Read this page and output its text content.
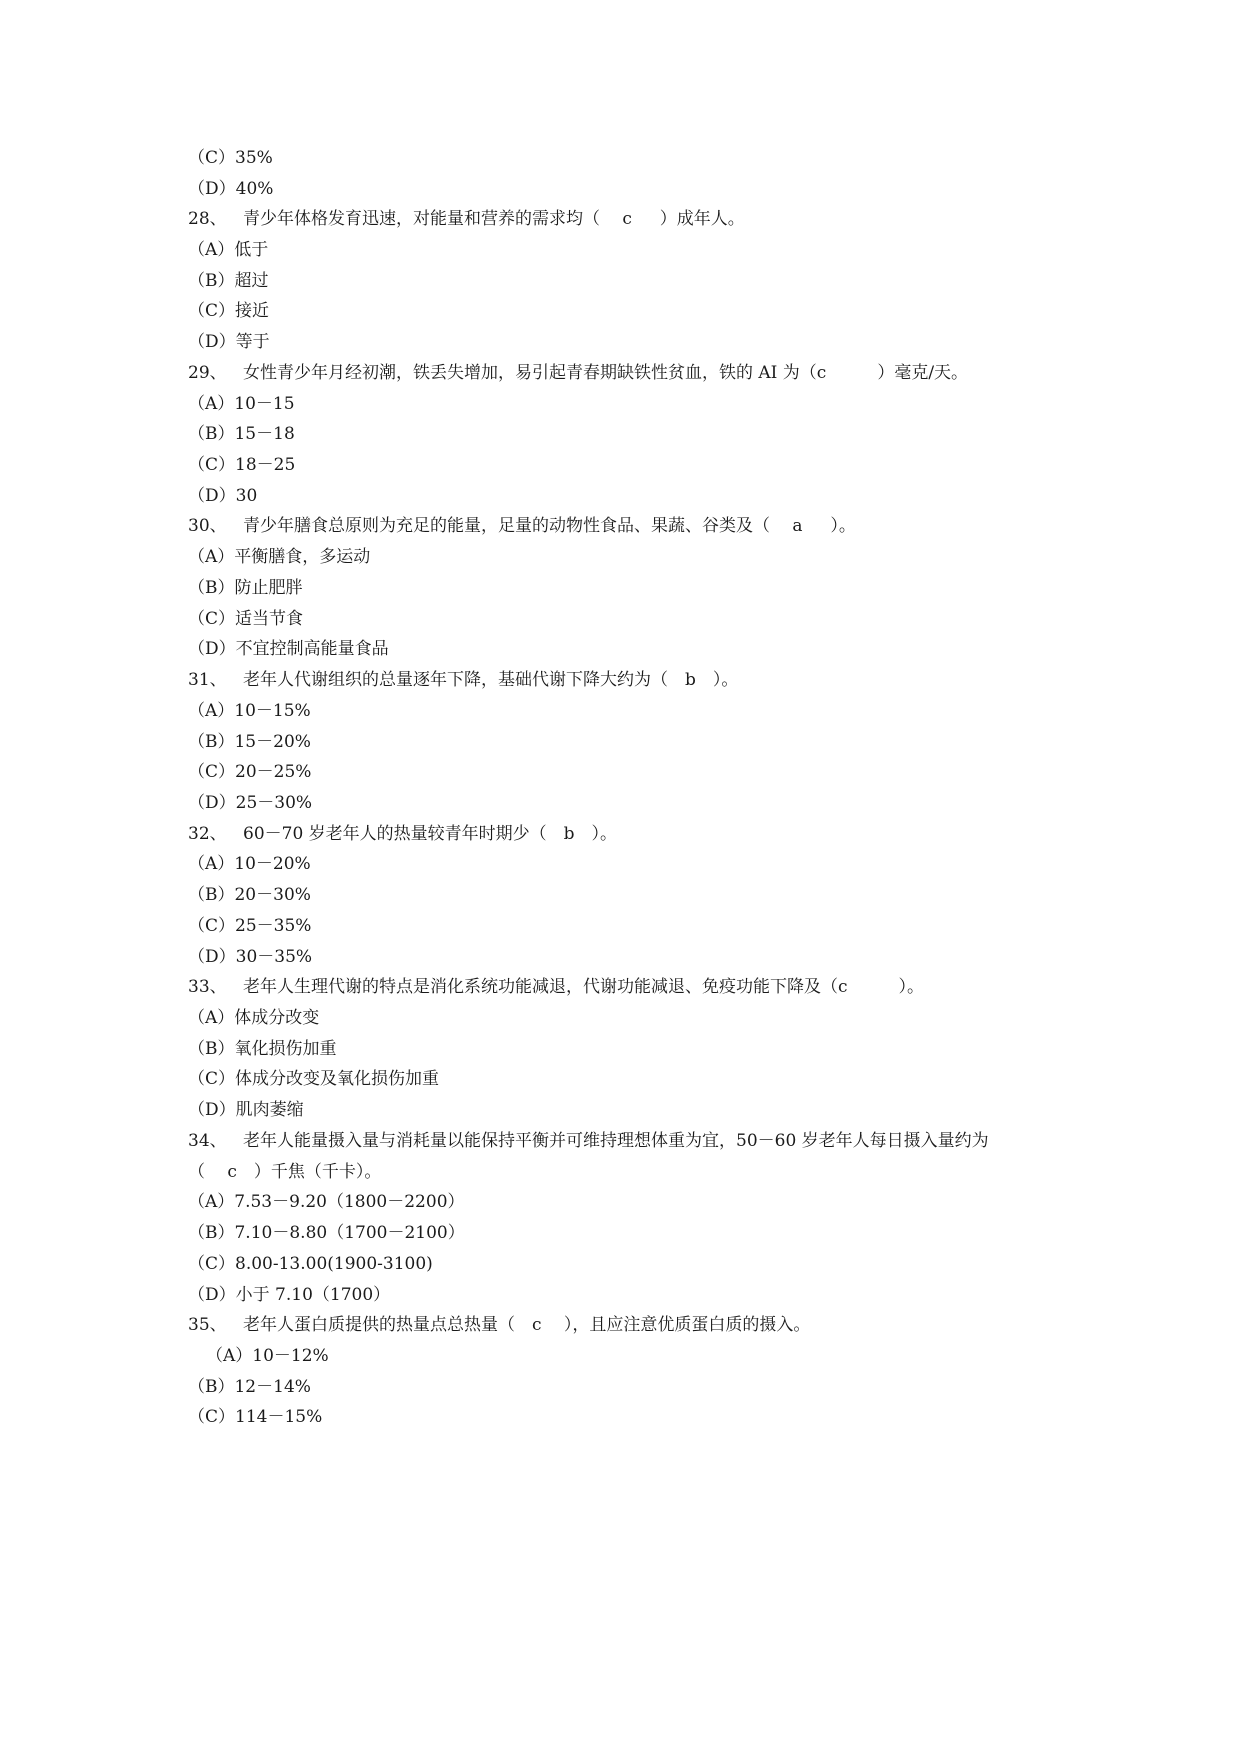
（C）35%
（D）40%
28、 青少年体格发育迅速，对能量和营养的需求均（　 c 　 ）成年人。
（A）低于
（B）超过
（C）接近
（D）等于
29、 女性青少年月经初潮，铁丢失增加，易引起青春期缺铁性贫血，铁的 AI 为（c　　　）毫克/天。
（A）10－15
（B）15－18
（C）18－25
（D）30
30、 青少年膳食总原则为充足的能量，足量的动物性食品、果蔬、谷类及（　 a 　 ）。
（A）平衡膳食，多运动
（B）防止肥胖
（C）适当节食
（D）不宜控制高能量食品
31、 老年人代谢组织的总量逐年下降，基础代谢下降大约为（　b　）。
（A）10－15%
（B）15－20%
（C）20－25%
（D）25－30%
32、 60－70 岁老年人的热量较青年时期少（　b　）。
（A）10－20%
（B）20－30%
（C）25－35%
（D）30－35%
33、 老年人生理代谢的特点是消化系统功能减退，代谢功能减退、免疫功能下降及（c　　　）。
（A）体成分改变
（B）氧化损伤加重
（C）体成分改变及氧化损伤加重
（D）肌肉萎缩
34、 老年人能量摄入量与消耗量以能保持平衡并可维持理想体重为宜，50－60 岁老年人每日摄入量约为
（　 c　）千焦（千卡）。
（A）7.53－9.20（1800－2200）
（B）7.10－8.80（1700－2100）
（C）8.00-13.00(1900-3100)
（D）小于 7.10（1700）
35、 老年人蛋白质提供的热量点总热量（　c　 ），且应注意优质蛋白质的摄入。
（A）10－12%
（B）12－14%
（C）114－15%
